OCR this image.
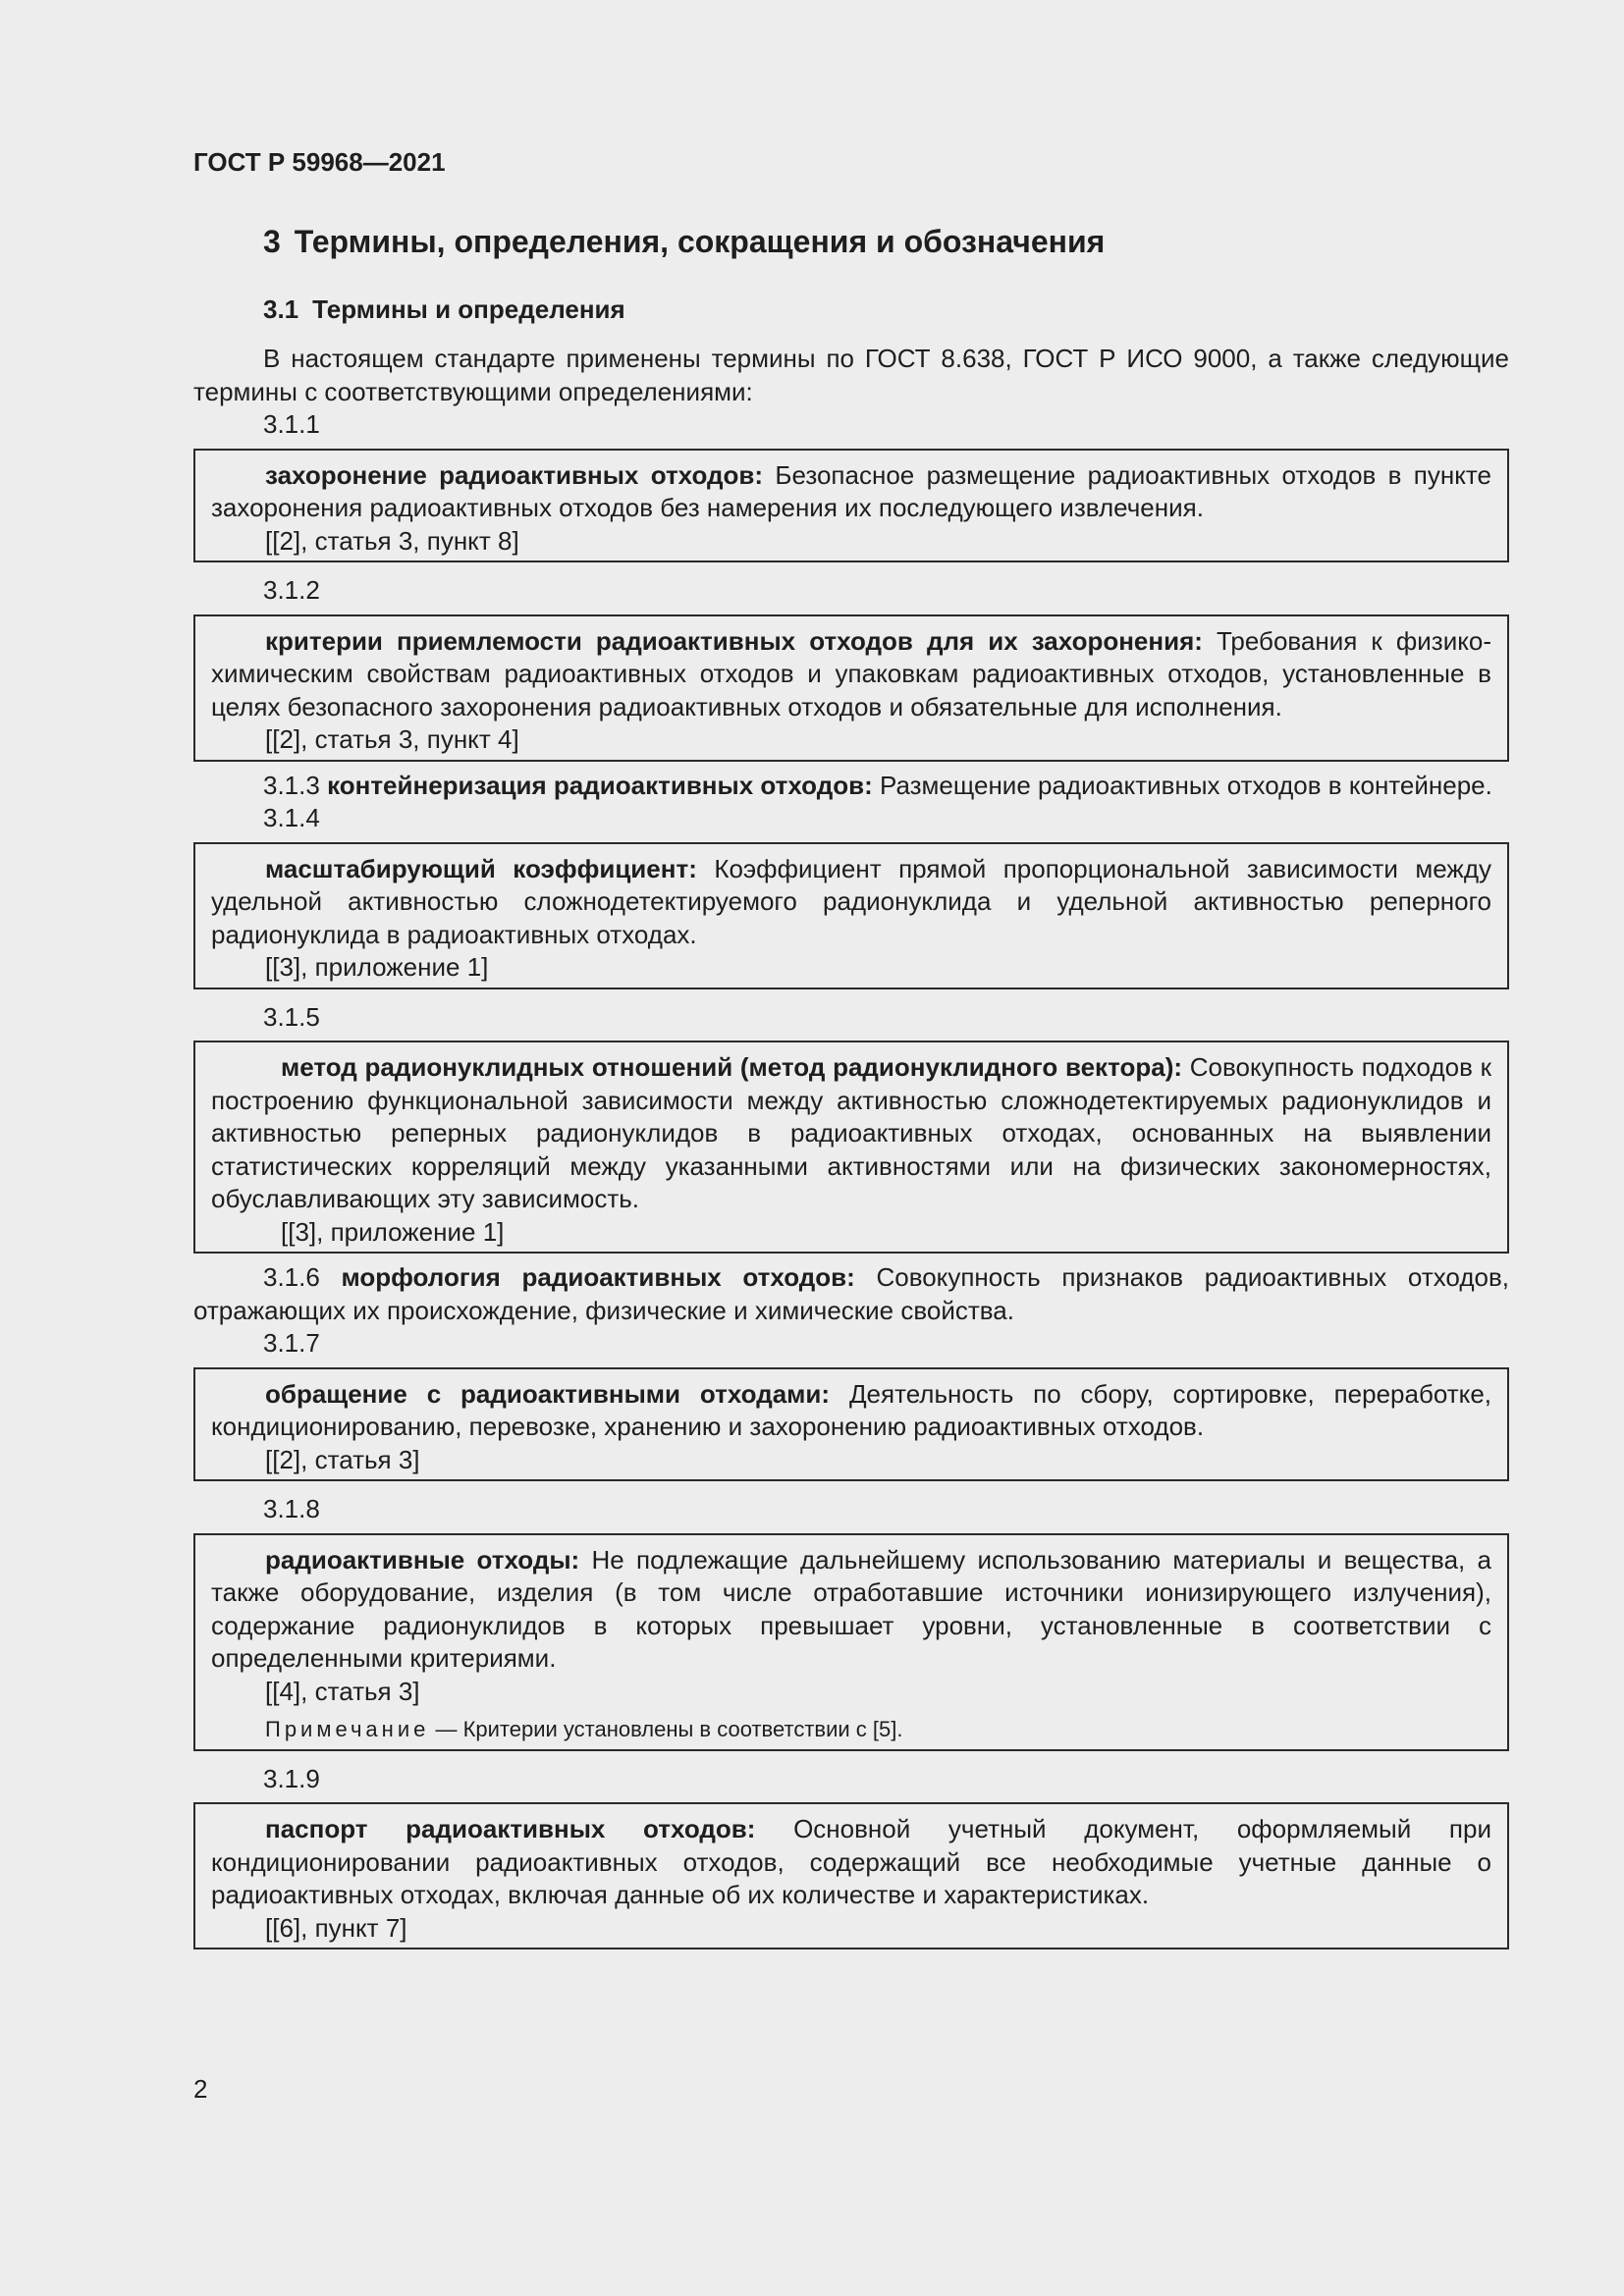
ГОСТ Р 59968—2021
3 Термины, определения, сокращения и обозначения
3.1 Термины и определения

В настоящем стандарте применены термины по ГОСТ 8.638, ГОСТ Р ИСО 9000, а также следующие термины с соответствующими определениями:

3.1.1

захоронение радиоактивных отходов: Безопасное размещение радиоактивных отходов в пункте захоронения радиоактивных отходов без намерения их последующего извлечения.

[[2], статья 3, пункт 8]

3.1.2

критерии приемлемости радиоактивных отходов для их захоронения: Требования к физико-химическим свойствам радиоактивных отходов и упаковкам радиоактивных отходов, установленные в целях безопасного захоронения радиоактивных отходов и обязательные для исполнения.

[[2], статья 3, пункт 4]

3.1.3 контейнеризация радиоактивных отходов: Размещение радиоактивных отходов в контейнере.

3.1.4

масштабирующий коэффициент: Коэффициент прямой пропорциональной зависимости между удельной активностью сложнодетектируемого радионуклида и удельной активностью реперного радионуклида в радиоактивных отходах.

[[3], приложение 1]

3.1.5

метод радионуклидных отношений (метод радионуклидного вектора): Совокупность подходов к построению функциональной зависимости между активностью сложнодетектируемых радионуклидов и активностью реперных радионуклидов в радиоактивных отходах, основанных на выявлении статистических корреляций между указанными активностями или на физических закономерностях, обуславливающих эту зависимость.

[[3], приложение 1]

3.1.6 морфология радиоактивных отходов: Совокупность признаков радиоактивных отходов, отражающих их происхождение, физические и химические свойства.

3.1.7

обращение с радиоактивными отходами: Деятельность по сбору, сортировке, переработке, кондиционированию, перевозке, хранению и захоронению радиоактивных отходов.

[[2], статья 3]

3.1.8

радиоактивные отходы: Не подлежащие дальнейшему использованию материалы и вещества, а также оборудование, изделия (в том числе отработавшие источники ионизирующего излучения), содержание радионуклидов в которых превышает уровни, установленные в соответствии с определенными критериями.

[[4], статья 3]

Примечание — Критерии установлены в соответствии с [5].

3.1.9

паспорт радиоактивных отходов: Основной учетный документ, оформляемый при кондиционировании радиоактивных отходов, содержащий все необходимые учетные данные о радиоактивных отходах, включая данные об их количестве и характеристиках.

[[6], пункт 7]

2
